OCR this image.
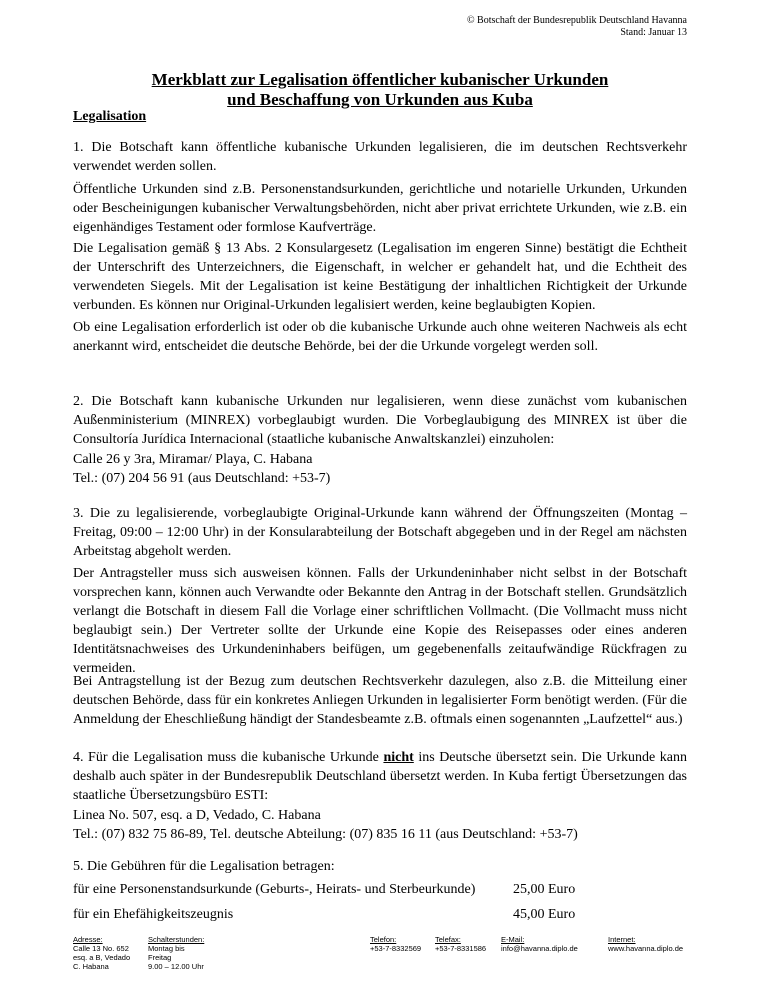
© Botschaft der Bundesrepublik Deutschland Havanna
Stand: Januar 13
Merkblatt zur Legalisation öffentlicher kubanischer Urkunden
und Beschaffung von Urkunden aus Kuba
Legalisation
1. Die Botschaft kann öffentliche kubanische Urkunden legalisieren, die im deutschen Rechtsverkehr verwendet werden sollen.
Öffentliche Urkunden sind z.B. Personenstandsurkunden, gerichtliche und notarielle Urkunden, Urkunden oder Bescheinigungen kubanischer Verwaltungsbehörden, nicht aber privat errichtete Urkunden, wie z.B. ein eigenhändiges Testament oder formlose Kaufverträge.
Die Legalisation gemäß § 13 Abs. 2 Konsulargesetz (Legalisation im engeren Sinne) bestätigt die Echtheit der Unterschrift des Unterzeichners, die Eigenschaft, in welcher er gehandelt hat, und die Echtheit des verwendeten Siegels. Mit der Legalisation ist keine Bestätigung der inhaltlichen Richtigkeit der Urkunde verbunden. Es können nur Original-Urkunden legalisiert werden, keine beglaubigten Kopien.
Ob eine Legalisation erforderlich ist oder ob die kubanische Urkunde auch ohne weiteren Nachweis als echt anerkannt wird, entscheidet die deutsche Behörde, bei der die Urkunde vorgelegt werden soll.
2. Die Botschaft kann kubanische Urkunden nur legalisieren, wenn diese zunächst vom kubanischen Außenministerium (MINREX) vorbeglaubigt wurden. Die Vorbeglaubigung des MINREX ist über die Consultoría Jurídica Internacional (staatliche kubanische Anwaltskanzlei) einzuholen:
Calle 26 y 3ra, Miramar/ Playa, C. Habana
Tel.: (07) 204 56 91 (aus Deutschland: +53-7)
3. Die zu legalisierende, vorbeglaubigte Original-Urkunde kann während der Öffnungszeiten (Montag – Freitag, 09:00 – 12:00 Uhr) in der Konsularabteilung der Botschaft abgegeben und in der Regel am nächsten Arbeitstag abgeholt werden.
Der Antragsteller muss sich ausweisen können. Falls der Urkundeninhaber nicht selbst in der Botschaft vorsprechen kann, können auch Verwandte oder Bekannte den Antrag in der Botschaft stellen. Grundsätzlich verlangt die Botschaft in diesem Fall die Vorlage einer schriftlichen Vollmacht. (Die Vollmacht muss nicht beglaubigt sein.) Der Vertreter sollte der Urkunde eine Kopie des Reisepasses oder eines anderen Identitätsnachweises des Urkundeninhabers beifügen, um gegebenenfalls zeitaufwändige Rückfragen zu vermeiden.
Bei Antragstellung ist der Bezug zum deutschen Rechtsverkehr dazulegen, also z.B. die Mitteilung einer deutschen Behörde, dass für ein konkretes Anliegen Urkunden in legalisierter Form benötigt werden. (Für die Anmeldung der Eheschließung händigt der Standesbeamte z.B. oftmals einen sogenannten „Laufzettel“ aus.)
4. Für die Legalisation muss die kubanische Urkunde nicht ins Deutsche übersetzt sein. Die Urkunde kann deshalb auch später in der Bundesrepublik Deutschland übersetzt werden. In Kuba fertigt Übersetzungen das staatliche Übersetzungsbüro ESTI:
Linea No. 507, esq. a D, Vedado, C. Habana
Tel.: (07) 832 75 86-89, Tel. deutsche Abteilung: (07) 835 16 11 (aus Deutschland: +53-7)
5. Die Gebühren für die Legalisation betragen:
für eine Personenstandsurkunde (Geburts-, Heirats- und Sterbeurkunde)	25,00 Euro
für ein Ehefähigkeitszeugnis	45,00 Euro
Adresse:
Calle 13 No. 652
esq. a B, Vedado
C. Habana
Schalterstunden:
Montag bis
Freitag
9.00 – 12.00 Uhr
Telefon:
+53-7-8332569
Telefax:
+53-7-8331586
E-Mail:
info@havanna.diplo.de
Internet:
www.havanna.diplo.de
